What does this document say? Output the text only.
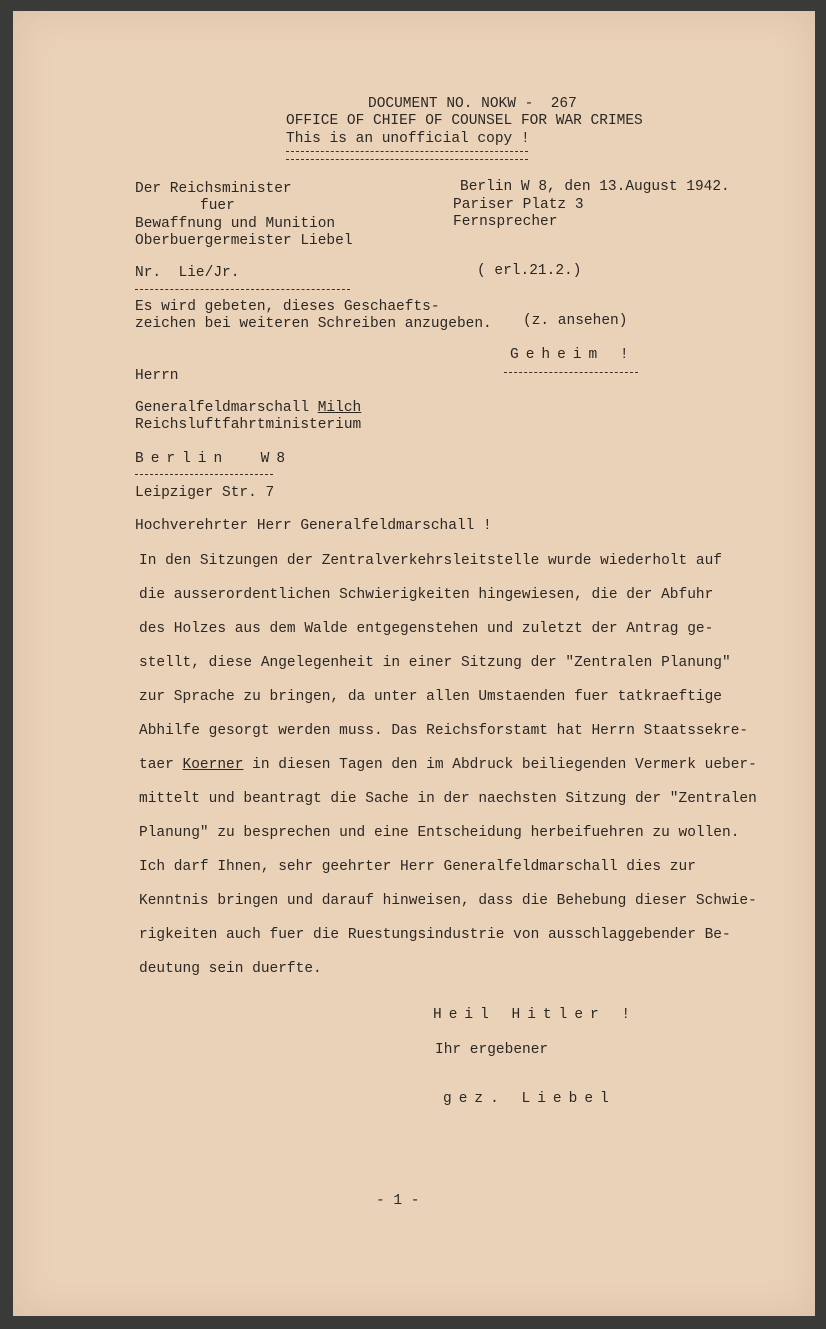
DOCUMENT NO. NOKW -  267
OFFICE OF CHIEF OF COUNSEL FOR WAR CRIMES
This is an unofficial copy !
Der Reichsminister
fuer
Bewaffnung und Munition
Oberbuergermeister Liebel
Berlin W 8, den 13.August 1942.
Pariser Platz 3
Fernsprecher
Nr.  Lie/Jr.	( erl.21.2.)
Es wird gebeten, dieses Geschaefts-
zeichen bei weiteren Schreiben anzugeben. (z. ansehen)
Geheim !
Herrn
Generalfeldmarschall Milch
Reichsluftfahrtministerium
Berlin  W8
Leipziger Str. 7
Hochverehrter Herr Generalfeldmarschall !
In den Sitzungen der Zentralverkehrsleitstelle wurde wiederholt auf
die ausserordentlichen Schwierigkeiten hingewiesen, die der Abfuhr
des Holzes aus dem Walde entgegenstehen und zuletzt der Antrag ge-
stellt, diese Angelegenheit in einer Sitzung der "Zentralen Planung"
zur Sprache zu bringen, da unter allen Umstaenden fuer tatkraeftige
Abhilfe gesorgt werden muss. Das Reichsforstamt hat Herrn Staatssekre-
taer Koerner in diesen Tagen den im Abdruck beiliegenden Vermerk ueber-
mittelt und beantragt die Sache in der naechsten Sitzung der "Zentralen
Planung" zu besprechen und eine Entscheidung herbeifuehren zu wollen.
Ich darf Ihnen, sehr geehrter Herr Generalfeldmarschall dies zur
Kenntnis bringen und darauf hinweisen, dass die Behebung dieser Schwie-
rigkeiten auch fuer die Ruestungsindustrie von ausschlaggebender Be-
deutung sein duerfte.
Heil Hitler !
Ihr ergebener
gez. Liebel
- 1 -
